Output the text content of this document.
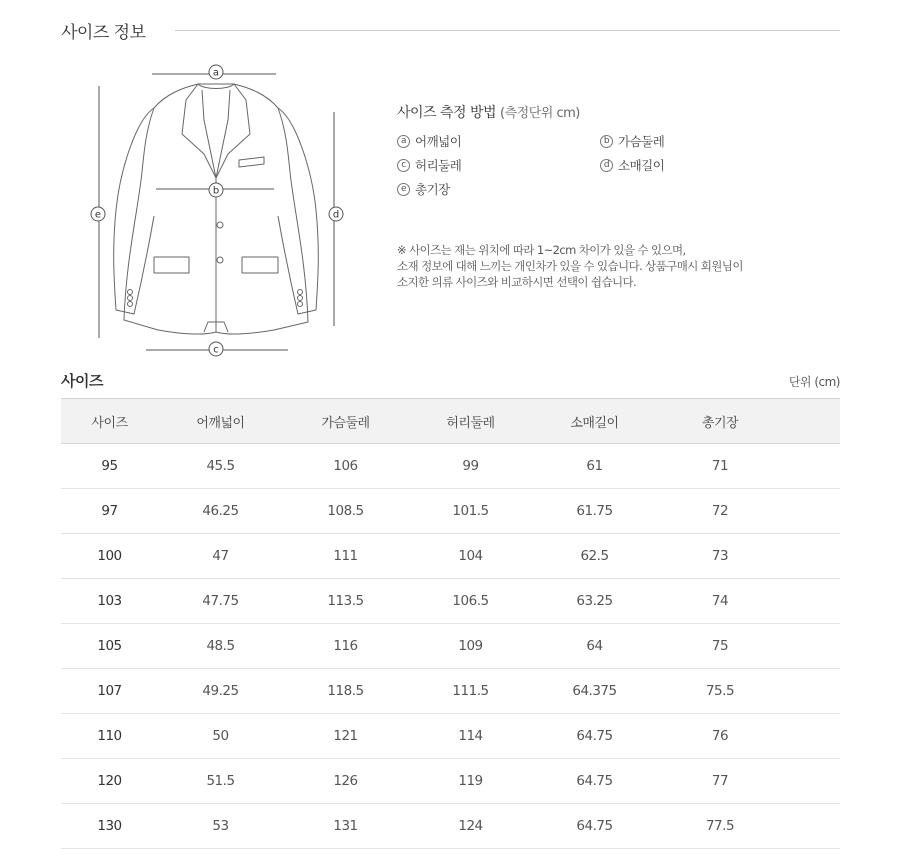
사이즈 정보
a
b
c
d
e
사이즈 측정 방법 (측정단위 cm)
a 어깨넓이	b 가슴둘레
c 허리둘레	d 소매길이
e 총기장
※ 사이즈는 재는 위치에 따라 1~2cm 차이가 있을 수 있으며,
소재 정보에 대해 느끼는 개인차가 있을 수 있습니다. 상품구매시 회원님이
소지한 의류 사이즈와 비교하시면 선택이 쉽습니다.
사이즈	단위 (cm)
사이즈	어깨넓이	가슴둘레	허리둘레	소매길이	총기장	
95	45.5	106	99	61	71	
97	46.25	108.5	101.5	61.75	72	
100	47	111	104	62.5	73	
103	47.75	113.5	106.5	63.25	74	
105	48.5	116	109	64	75	
107	49.25	118.5	111.5	64.375	75.5	
110	50	121	114	64.75	76	
120	51.5	126	119	64.75	77	
130	53	131	124	64.75	77.5	
